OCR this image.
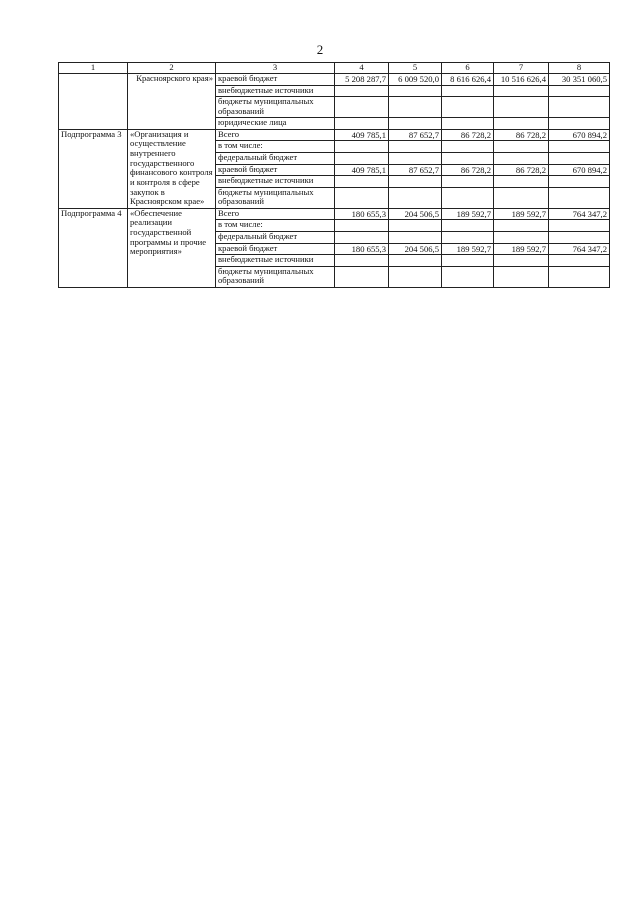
2
1	2	3	4	5	6	7	8
	Красноярского края»	краевой бюджет	5 208 287,7	6 009 520,0	8 616 626,4	10 516 626,4	30 351 060,5
		внебюджетные источники					
		бюджеты муниципальных образований					
		юридические лица					
Подпрограмма 3	«Организация и осуществление внутреннего государственного финансового контроля и контроля в сфере закупок в Красноярском крае»	Всего	409 785,1	87 652,7	86 728,2	86 728,2	670 894,2
		в том числе:					
		федеральный бюджет					
		краевой бюджет	409 785,1	87 652,7	86 728,2	86 728,2	670 894,2
		внебюджетные источники					
		бюджеты муниципальных образований					
Подпрограмма 4	«Обеспечение реализации государственной программы и прочие мероприятия»	Всего	180 655,3	204 506,5	189 592,7	189 592,7	764 347,2
		в том числе:					
		федеральный бюджет					
		краевой бюджет	180 655,3	204 506,5	189 592,7	189 592,7	764 347,2
		внебюджетные источники					
		бюджеты муниципальных образований					
